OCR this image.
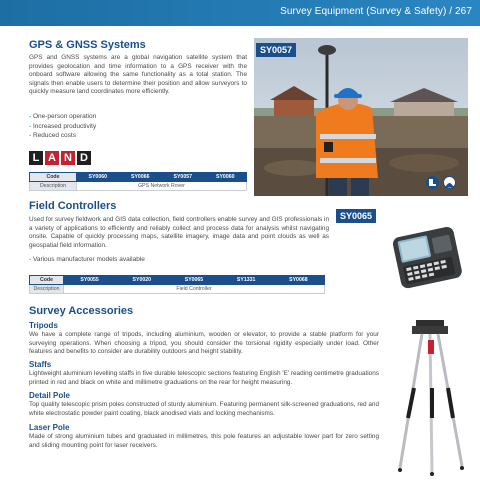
Survey Equipment (Survey & Safety) / 267
GPS & GNSS Systems

GPS and GNSS systems are a global navigation satellite system that provides geolocation and time information to a GPS receiver with the onboard software allowing the same functionality as a total station. The signals then enable users to determine their position and allow surveyors to quickly measure land coordinates more efficiently.

- One-person operation
- Increased productivity
- Reduced costs
L A N D
Code	SY0060	SY0066	SY0057	SY0060
Description	GPS Network Rover			
SY0057
Field Controllers

Used for survey fieldwork and GIS data collection, field controllers enable survey and GIS professionals in a variety of applications to efficiently and reliably collect and process data for analysis whilst navigating onsite. Capable of quickly processing maps, satellite imagery, image data and point clouds as well as geospatial field information.

- Various manufacturer models available
Code	SY0055	SY0020	SY0065	SY1331	SY0068
Description	Field Controller				
SY0065
Survey Accessories
Tripods

We have a complete range of tripods, including aluminium, wooden or elevator, to provide a stable platform for your surveying operations. When choosing a tripod, you should consider the torsional rigidity especially under load. Other features and benefits to consider are durability outdoors and height stability.

Staffs

Lightweight aluminium levelling staffs in five durable telescopic sections featuring English 'E' reading centimetre graduations printed in red and black on white and millimetre graduations on the rear for height measuring.

Detail Pole

Top quality telescopic prism poles constructed of sturdy aluminium. Featuring permanent silk-screened graduations, red and white electrostatic powder paint coating, black anodised vials and locking mechanisms.

Laser Pole

Made of strong aluminium tubes and graduated in millimetres, this pole features an adjustable lower part for zero setting and sliding mounting point for laser receivers.
